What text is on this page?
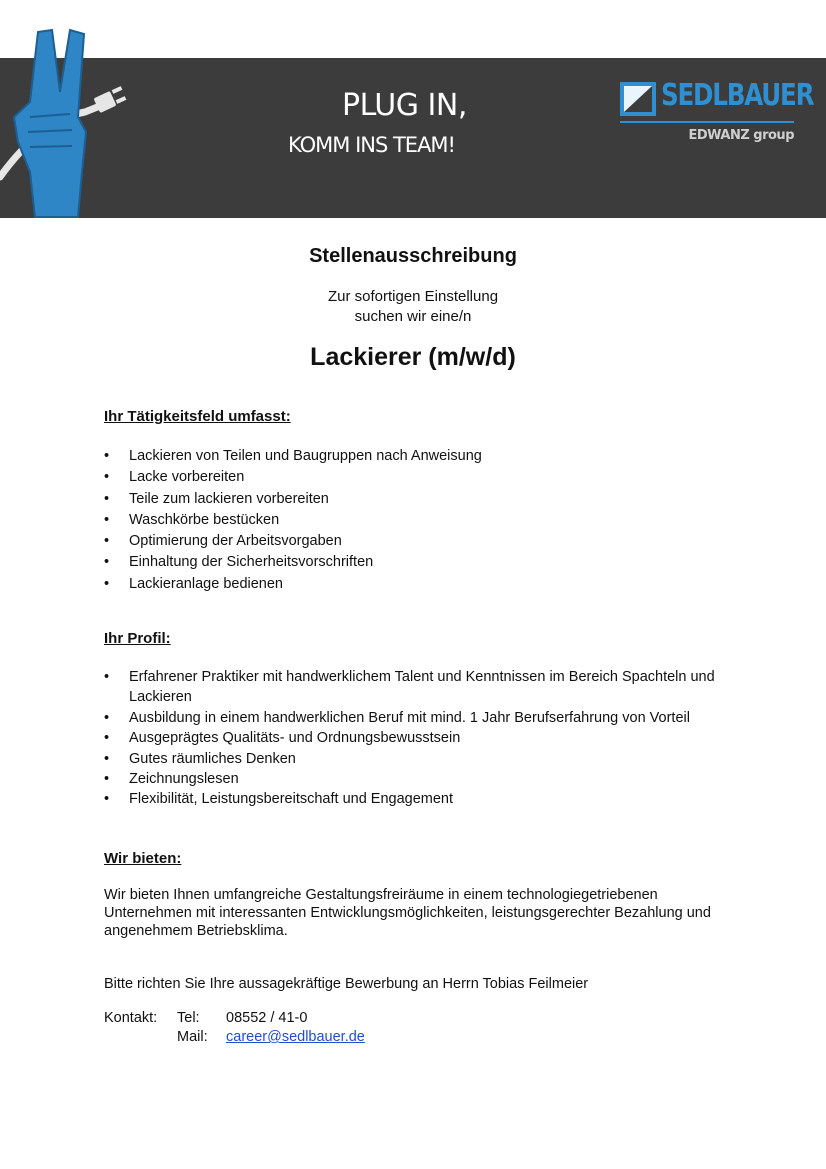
PLUG IN,
KOMM INS TEAM!
SEDLBAUER
EDWANZ group
Stellenausschreibung
Zur sofortigen Einstellung
suchen wir eine/n
Lackierer (m/w/d)
Ihr Tätigkeitsfeld umfasst:
• Lackieren von Teilen und Baugruppen nach Anweisung
• Lacke vorbereiten
• Teile zum lackieren vorbereiten
• Waschkörbe bestücken
• Optimierung der Arbeitsvorgaben
• Einhaltung der Sicherheitsvorschriften
• Lackieranlage bedienen
Ihr Profil:
• Erfahrener Praktiker mit handwerklichem Talent und Kenntnissen im Bereich Spachteln und Lackieren
• Ausbildung in einem handwerklichen Beruf mit mind. 1 Jahr Berufserfahrung von Vorteil
• Ausgeprägtes Qualitäts- und Ordnungsbewusstsein
• Gutes räumliches Denken
• Zeichnungslesen
• Flexibilität, Leistungsbereitschaft und Engagement
Wir bieten:

Wir bieten Ihnen umfangreiche Gestaltungsfreiräume in einem technologiegetriebenen Unternehmen mit interessanten Entwicklungsmöglichkeiten, leistungsgerechter Bezahlung und angenehmem Betriebsklima.

Bitte richten Sie Ihre aussagekräftige Bewerbung an Herrn Tobias Feilmeier

Kontakt: Tel: 08552 / 41-0
Mail: career@sedlbauer.de
